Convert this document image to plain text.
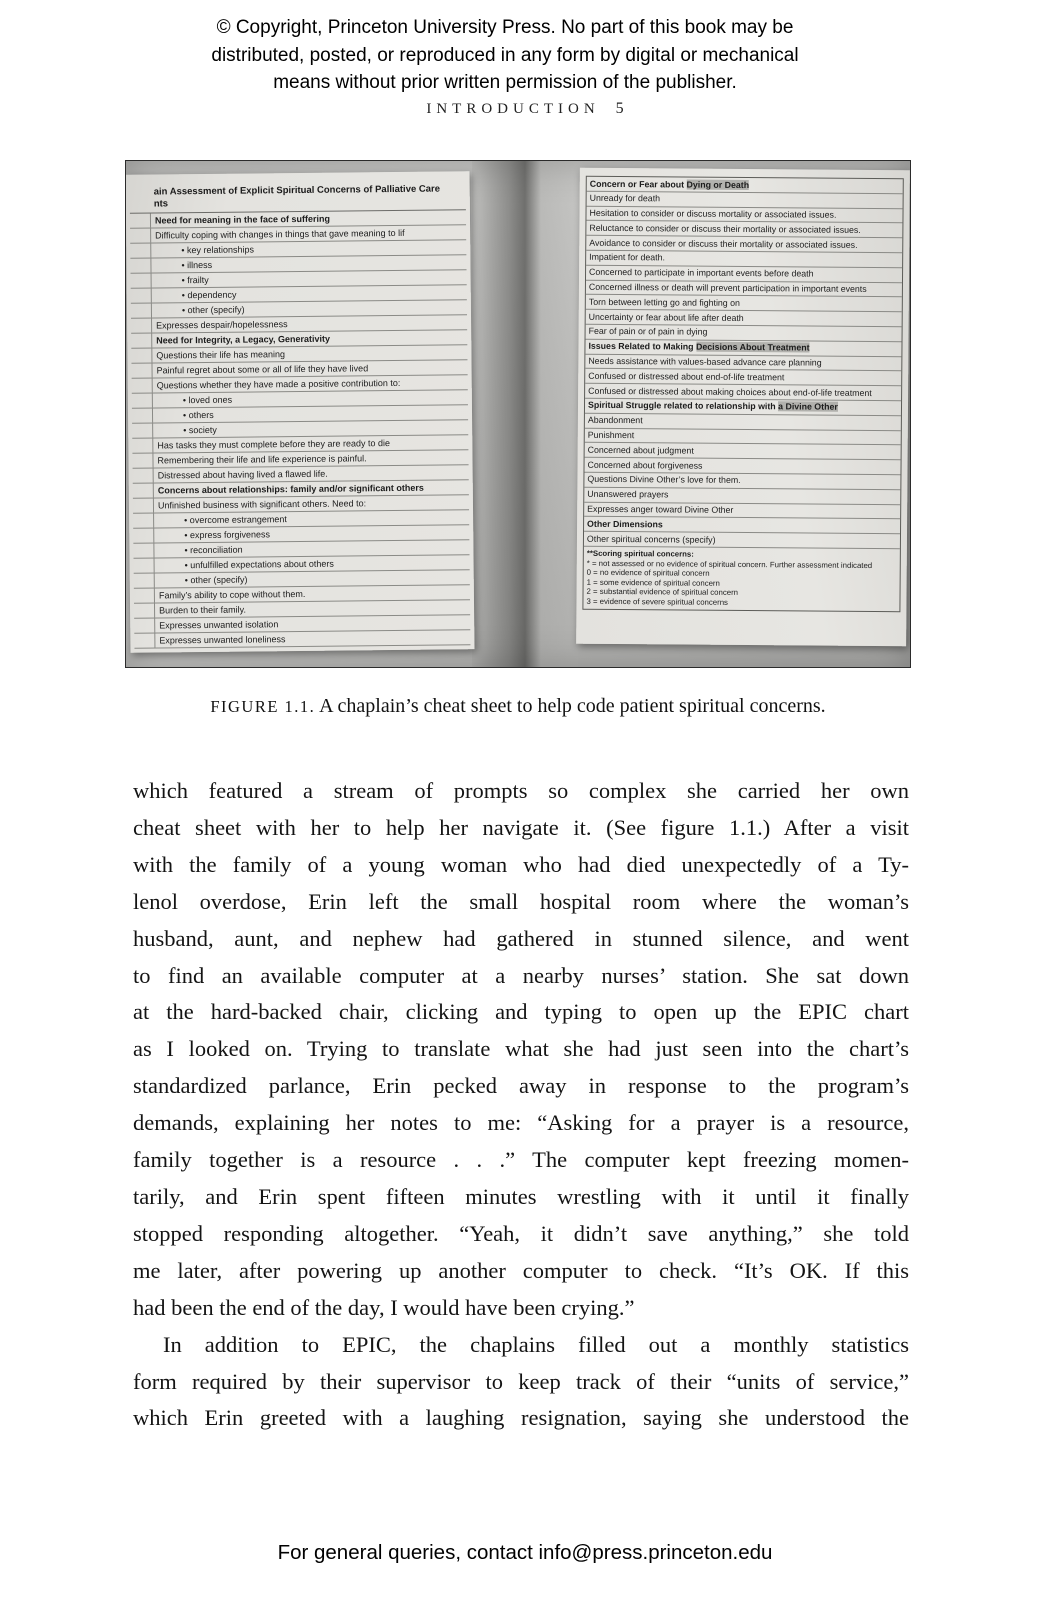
© Copyright, Princeton University Press. No part of this book may be
distributed, posted, or reproduced in any form by digital or mechanical
means without prior written permission of the publisher.
INTRODUCTION 5
ain Assessment of Explicit Spiritual Concerns of Palliative Care
nts
Need for meaning in the face of suffering
Difficulty coping with changes in things that gave meaning to lif
• key relationships
• illness
• frailty
• dependency
• other (specify)
Expresses despair/hopelessness
Need for Integrity, a Legacy, Generativity
Questions their life has meaning
Painful regret about some or all of life they have lived
Questions whether they have made a positive contribution to:
• loved ones
• others
• society
Has tasks they must complete before they are ready to die
Remembering their life and life experience is painful.
Distressed about having lived a flawed life.
Concerns about relationships: family and/or significant others
Unfinished business with significant others. Need to:
• overcome estrangement
• express forgiveness
• reconciliation
• unfulfilled expectations about others
• other (specify)
Family’s ability to cope without them.
Burden to their family.
Expresses unwanted isolation
Expresses unwanted loneliness
Concern or Fear about Dying or Death
Unready for death
Hesitation to consider or discuss mortality or associated issues.
Reluctance to consider or discuss their mortality or associated issues.
Avoidance to consider or discuss their mortality or associated issues.
Impatient for death.
Concerned to participate in important events before death
Concerned illness or death will prevent participation in important events
Torn between letting go and fighting on
Uncertainty or fear about life after death
Fear of pain or of pain in dying
Issues Related to Making Decisions About Treatment
Needs assistance with values-based advance care planning
Confused or distressed about end-of-life treatment
Confused or distressed about making choices about end-of-life treatment
Spiritual Struggle related to relationship with a Divine Other
Abandonment
Punishment
Concerned about judgment
Concerned about forgiveness
Questions Divine Other’s love for them.
Unanswered prayers
Expresses anger toward Divine Other
Other Dimensions
Other spiritual concerns (specify)
**Scoring spiritual concerns:
* = not assessed or no evidence of spiritual concern. Further assessment indicated
0 = no evidence of spiritual concern
1 = some evidence of spiritual concern
2 = substantial evidence of spiritual concern
3 = evidence of severe spiritual concerns
FIGURE 1.1. A chaplain’s cheat sheet to help code patient spiritual concerns.
which featured a stream of prompts so complex she carried her own
cheat sheet with her to help her navigate it. (See figure 1.1.) After a visit
with the family of a young woman who had died unexpectedly of a Ty-
lenol overdose, Erin left the small hospital room where the woman’s
husband, aunt, and nephew had gathered in stunned silence, and went
to find an available computer at a nearby nurses’ station. She sat down
at the hard-backed chair, clicking and typing to open up the EPIC chart
as I looked on. Trying to translate what she had just seen into the chart’s
standardized parlance, Erin pecked away in response to the program’s
demands, explaining her notes to me: “Asking for a prayer is a resource,
family together is a resource . . .” The computer kept freezing momen-
tarily, and Erin spent fifteen minutes wrestling with it until it finally
stopped responding altogether. “Yeah, it didn’t save anything,” she told
me later, after powering up another computer to check. “It’s OK. If this
had been the end of the day, I would have been crying.”
In addition to EPIC, the chaplains filled out a monthly statistics
form required by their supervisor to keep track of their “units of service,”
which Erin greeted with a laughing resignation, saying she understood the
For general queries, contact info@press.princeton.edu
